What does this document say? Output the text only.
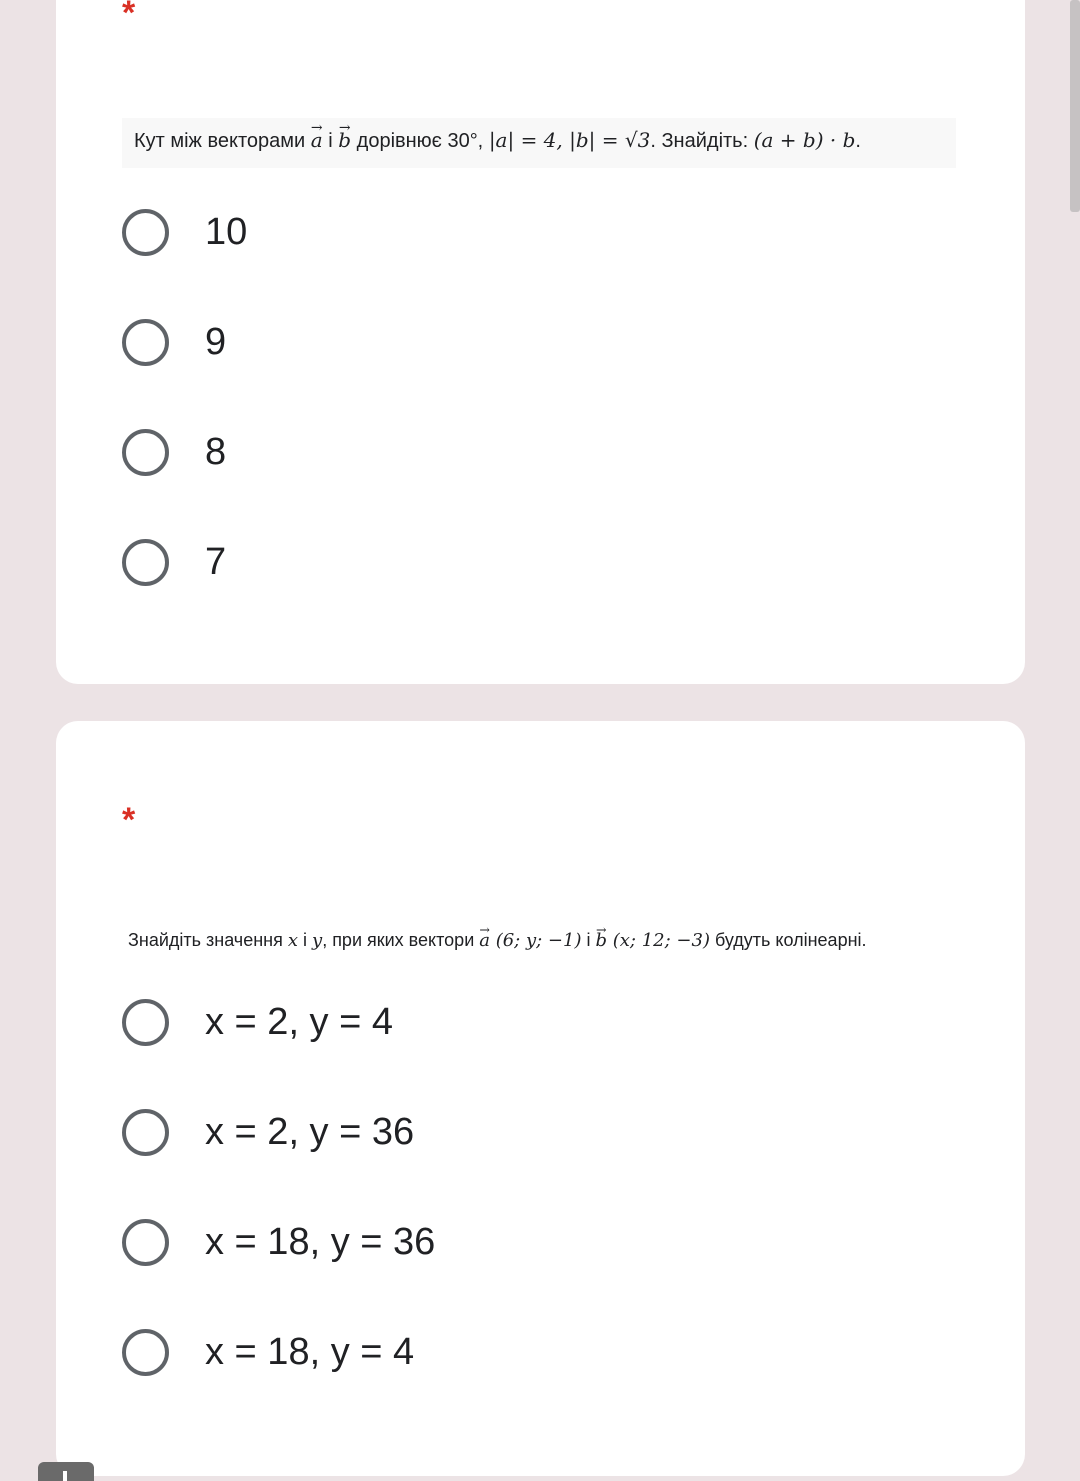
*
Кут між векторами → a і → b дорівнює 30°, |a| = 4, |b| = √3. Знайдіть: (a + b) · b.
10
9
8
7
*
Знайдіть значення x і y, при яких вектори → a (6; y; −1) і → b (x; 12; −3) будуть колінеарні.
x = 2, y = 4
x = 2, y = 36
x = 18, y = 36
x = 18, y = 4
